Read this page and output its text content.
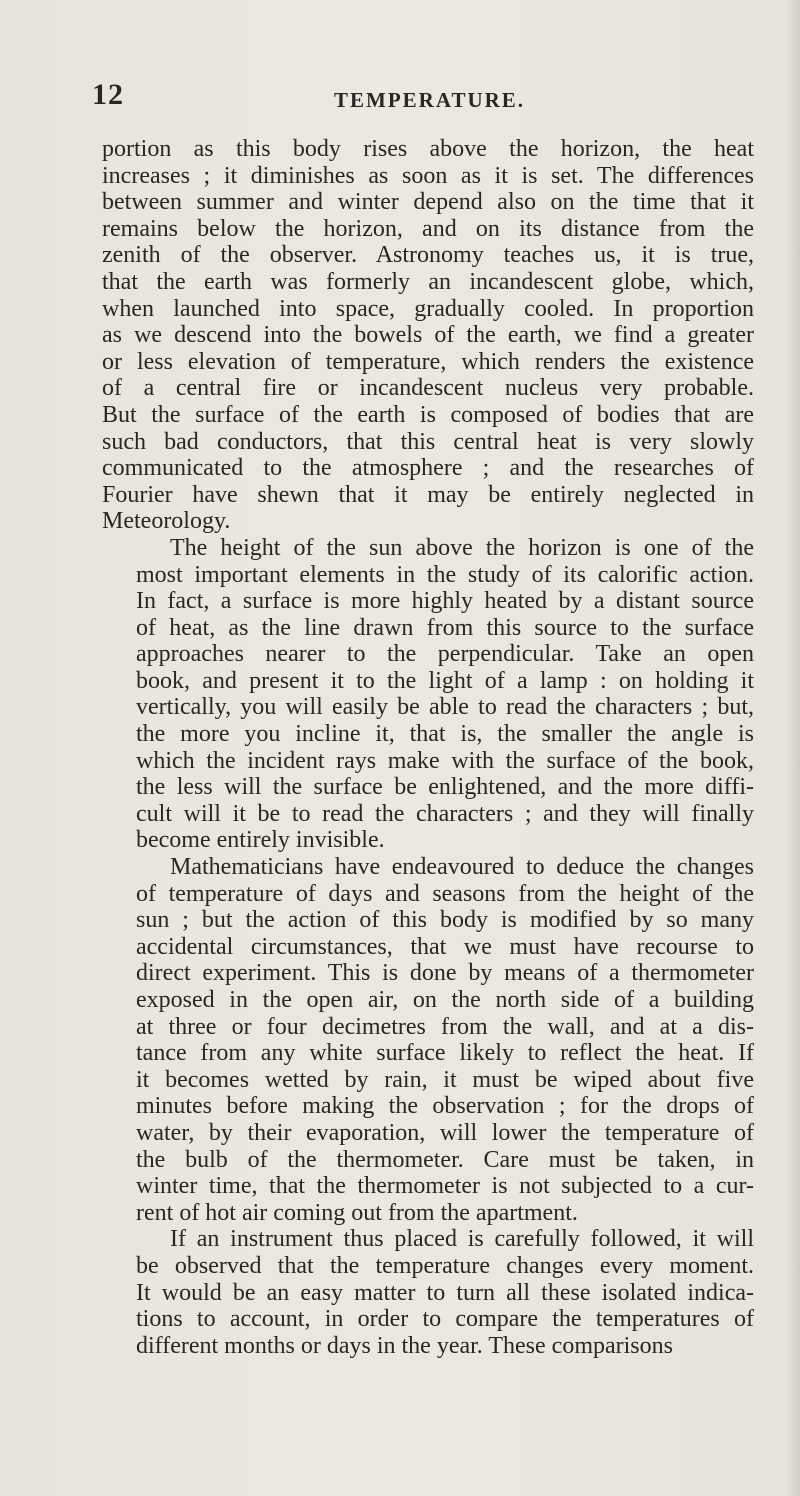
12	TEMPERATURE.
portion as this body rises above the horizon, the heat
increases ; it diminishes as soon as it is set. The differences
between summer and winter depend also on the time that it
remains below the horizon, and on its distance from the
zenith of the observer. Astronomy teaches us, it is true,
that the earth was formerly an incandescent globe, which,
when launched into space, gradually cooled. In proportion
as we descend into the bowels of the earth, we find a greater
or less elevation of temperature, which renders the existence
of a central fire or incandescent nucleus very probable.
But the surface of the earth is composed of bodies that are
such bad conductors, that this central heat is very slowly
communicated to the atmosphere ; and the researches of
Fourier have shewn that it may be entirely neglected in
Meteorology.
The height of the sun above the horizon is one of the
most important elements in the study of its calorific action.
In fact, a surface is more highly heated by a distant source
of heat, as the line drawn from this source to the surface
approaches nearer to the perpendicular. Take an open
book, and present it to the light of a lamp : on holding it
vertically, you will easily be able to read the characters ; but,
the more you incline it, that is, the smaller the angle is
which the incident rays make with the surface of the book,
the less will the surface be enlightened, and the more diffi-
cult will it be to read the characters ; and they will finally
become entirely invisible.
Mathematicians have endeavoured to deduce the changes
of temperature of days and seasons from the height of the
sun ; but the action of this body is modified by so many
accidental circumstances, that we must have recourse to
direct experiment. This is done by means of a thermometer
exposed in the open air, on the north side of a building
at three or four decimetres from the wall, and at a dis-
tance from any white surface likely to reflect the heat. If
it becomes wetted by rain, it must be wiped about five
minutes before making the observation ; for the drops of
water, by their evaporation, will lower the temperature of
the bulb of the thermometer. Care must be taken, in
winter time, that the thermometer is not subjected to a cur-
rent of hot air coming out from the apartment.
If an instrument thus placed is carefully followed, it will
be observed that the temperature changes every moment.
It would be an easy matter to turn all these isolated indica-
tions to account, in order to compare the temperatures of
different months or days in the year. These comparisons
